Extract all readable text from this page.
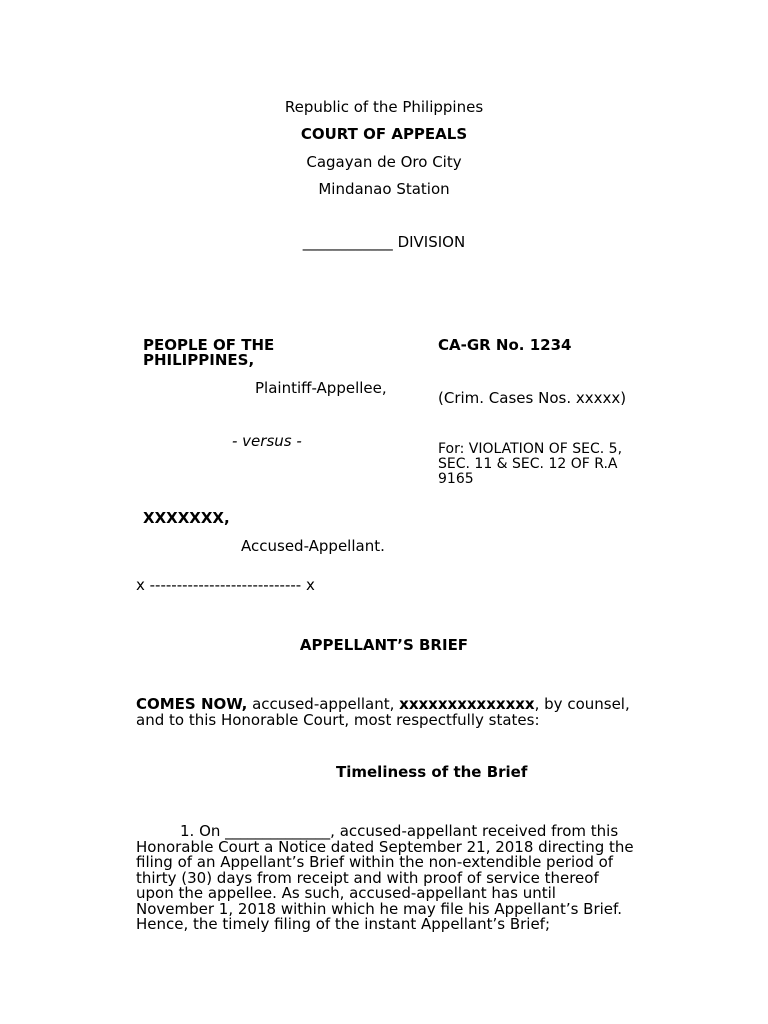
Republic of the Philippines
COURT OF APPEALS
Cagayan de Oro City
Mindanao Station
____________ DIVISION
PEOPLE OF THE
PHILIPPINES,
Plaintiff-Appellee,
- versus -
XXXXXXX,
Accused-Appellant.
x ---------------------------- x
CA-GR No. 1234
(Crim. Cases Nos. xxxxx)
For: VIOLATION OF SEC. 5,
SEC. 11 & SEC. 12 OF R.A
9165
APPELLANT’S BRIEF
COMES NOW, accused-appellant, xxxxxxxxxxxxxx, by counsel,
and to this Honorable Court, most respectfully states:
Timeliness of the Brief
1. On ______________, accused-appellant received from this
Honorable Court a Notice dated September 21, 2018 directing the
filing of an Appellant’s Brief within the non-extendible period of
thirty (30) days from receipt and with proof of service thereof
upon the appellee. As such, accused-appellant has until
November 1, 2018 within which he may file his Appellant’s Brief.
Hence, the timely filing of the instant Appellant’s Brief;
